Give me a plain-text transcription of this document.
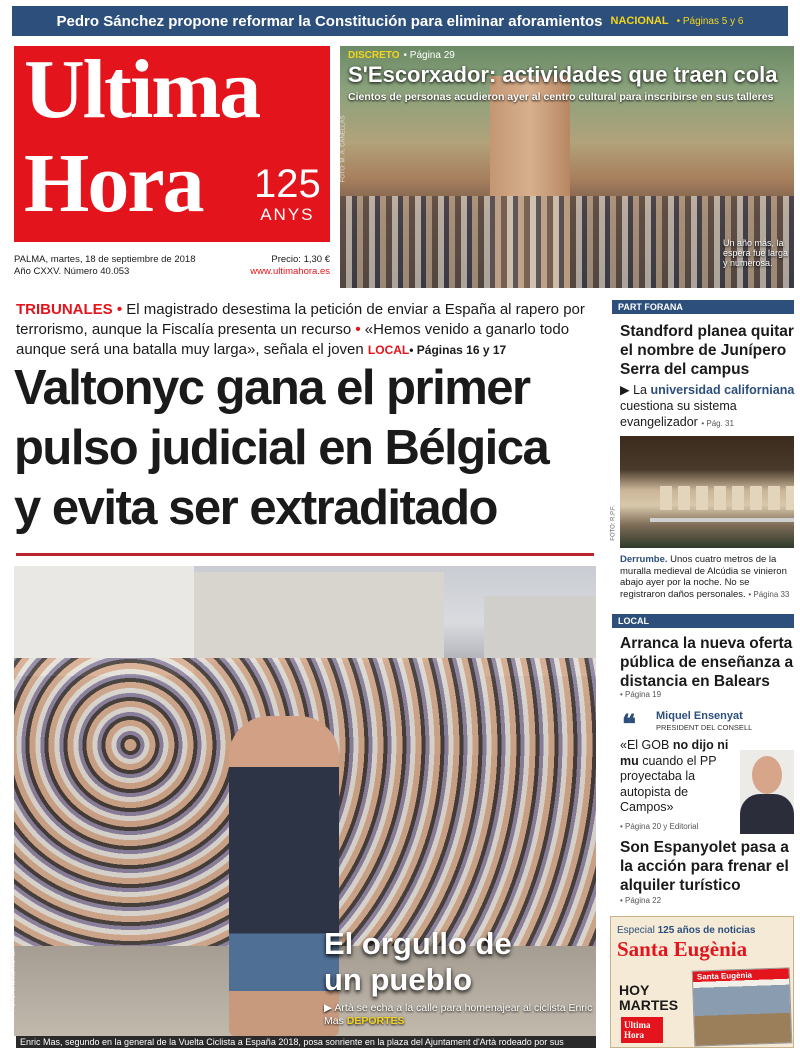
Pedro Sánchez propone reformar la Constitución para eliminar aforamientos NACIONAL • Páginas 5 y 6
Ultima
Hora 125
ANYS
PALMA, martes, 18 de septiembre de 2018	Precio: 1,30 €
Año CXXV. Número 40.053	www.ultimahora.es
DISCRETO • Página 29
S'Escorxador: actividades que traen cola
Cientos de personas acudieron ayer al centro cultural para inscribirse en sus talleres
Un año más, la espera fue larga y numerosa.
FOTO: M. À. CAÑELLAS
TRIBUNALES • El magistrado desestima la petición de enviar a España al rapero por terrorismo, aunque la Fiscalía presenta un recurso • «Hemos venido a ganarlo todo aunque será una batalla muy larga», señala el joven LOCAL• Páginas 16 y 17
Valtonyc gana el primer
pulso judicial en Bélgica
y evita ser extraditado
El orgullo de
un pueblo
▶ Artà se echa a la calle para homenajear al ciclista Enric Mas DEPORTES
FOTO: JAUME MOREY
Enric Mas, segundo en la general de la Vuelta Ciclista a España 2018, posa sonriente en la plaza del Ajuntament d'Artà rodeado por sus vecinos.
PART FORANA
Standford planea quitar el nombre de Junípero Serra del campus
▶ La universidad californiana cuestiona su sistema evangelizador • Pág. 31
FOTO: R.P.F.
Derrumbe. Unos cuatro metros de la muralla medieval de Alcúdia se vinieron abajo ayer por la noche. No se registraron daños personales. • Página 33
LOCAL
Arranca la nueva oferta pública de enseñanza a distancia en Balears
• Página 19
❝ Miquel Ensenyat
PRESIDENT DEL CONSELL
«El GOB no dijo ni mu cuando el PP proyectaba la autopista de Campos»
• Página 20 y Editorial
Son Espanyolet pasa a la acción para frenar el alquiler turístico
• Página 22
Especial 125 años de noticias
Santa Eugènia
HOY
MARTES
Ultima
Hora
Santa Eugènia
